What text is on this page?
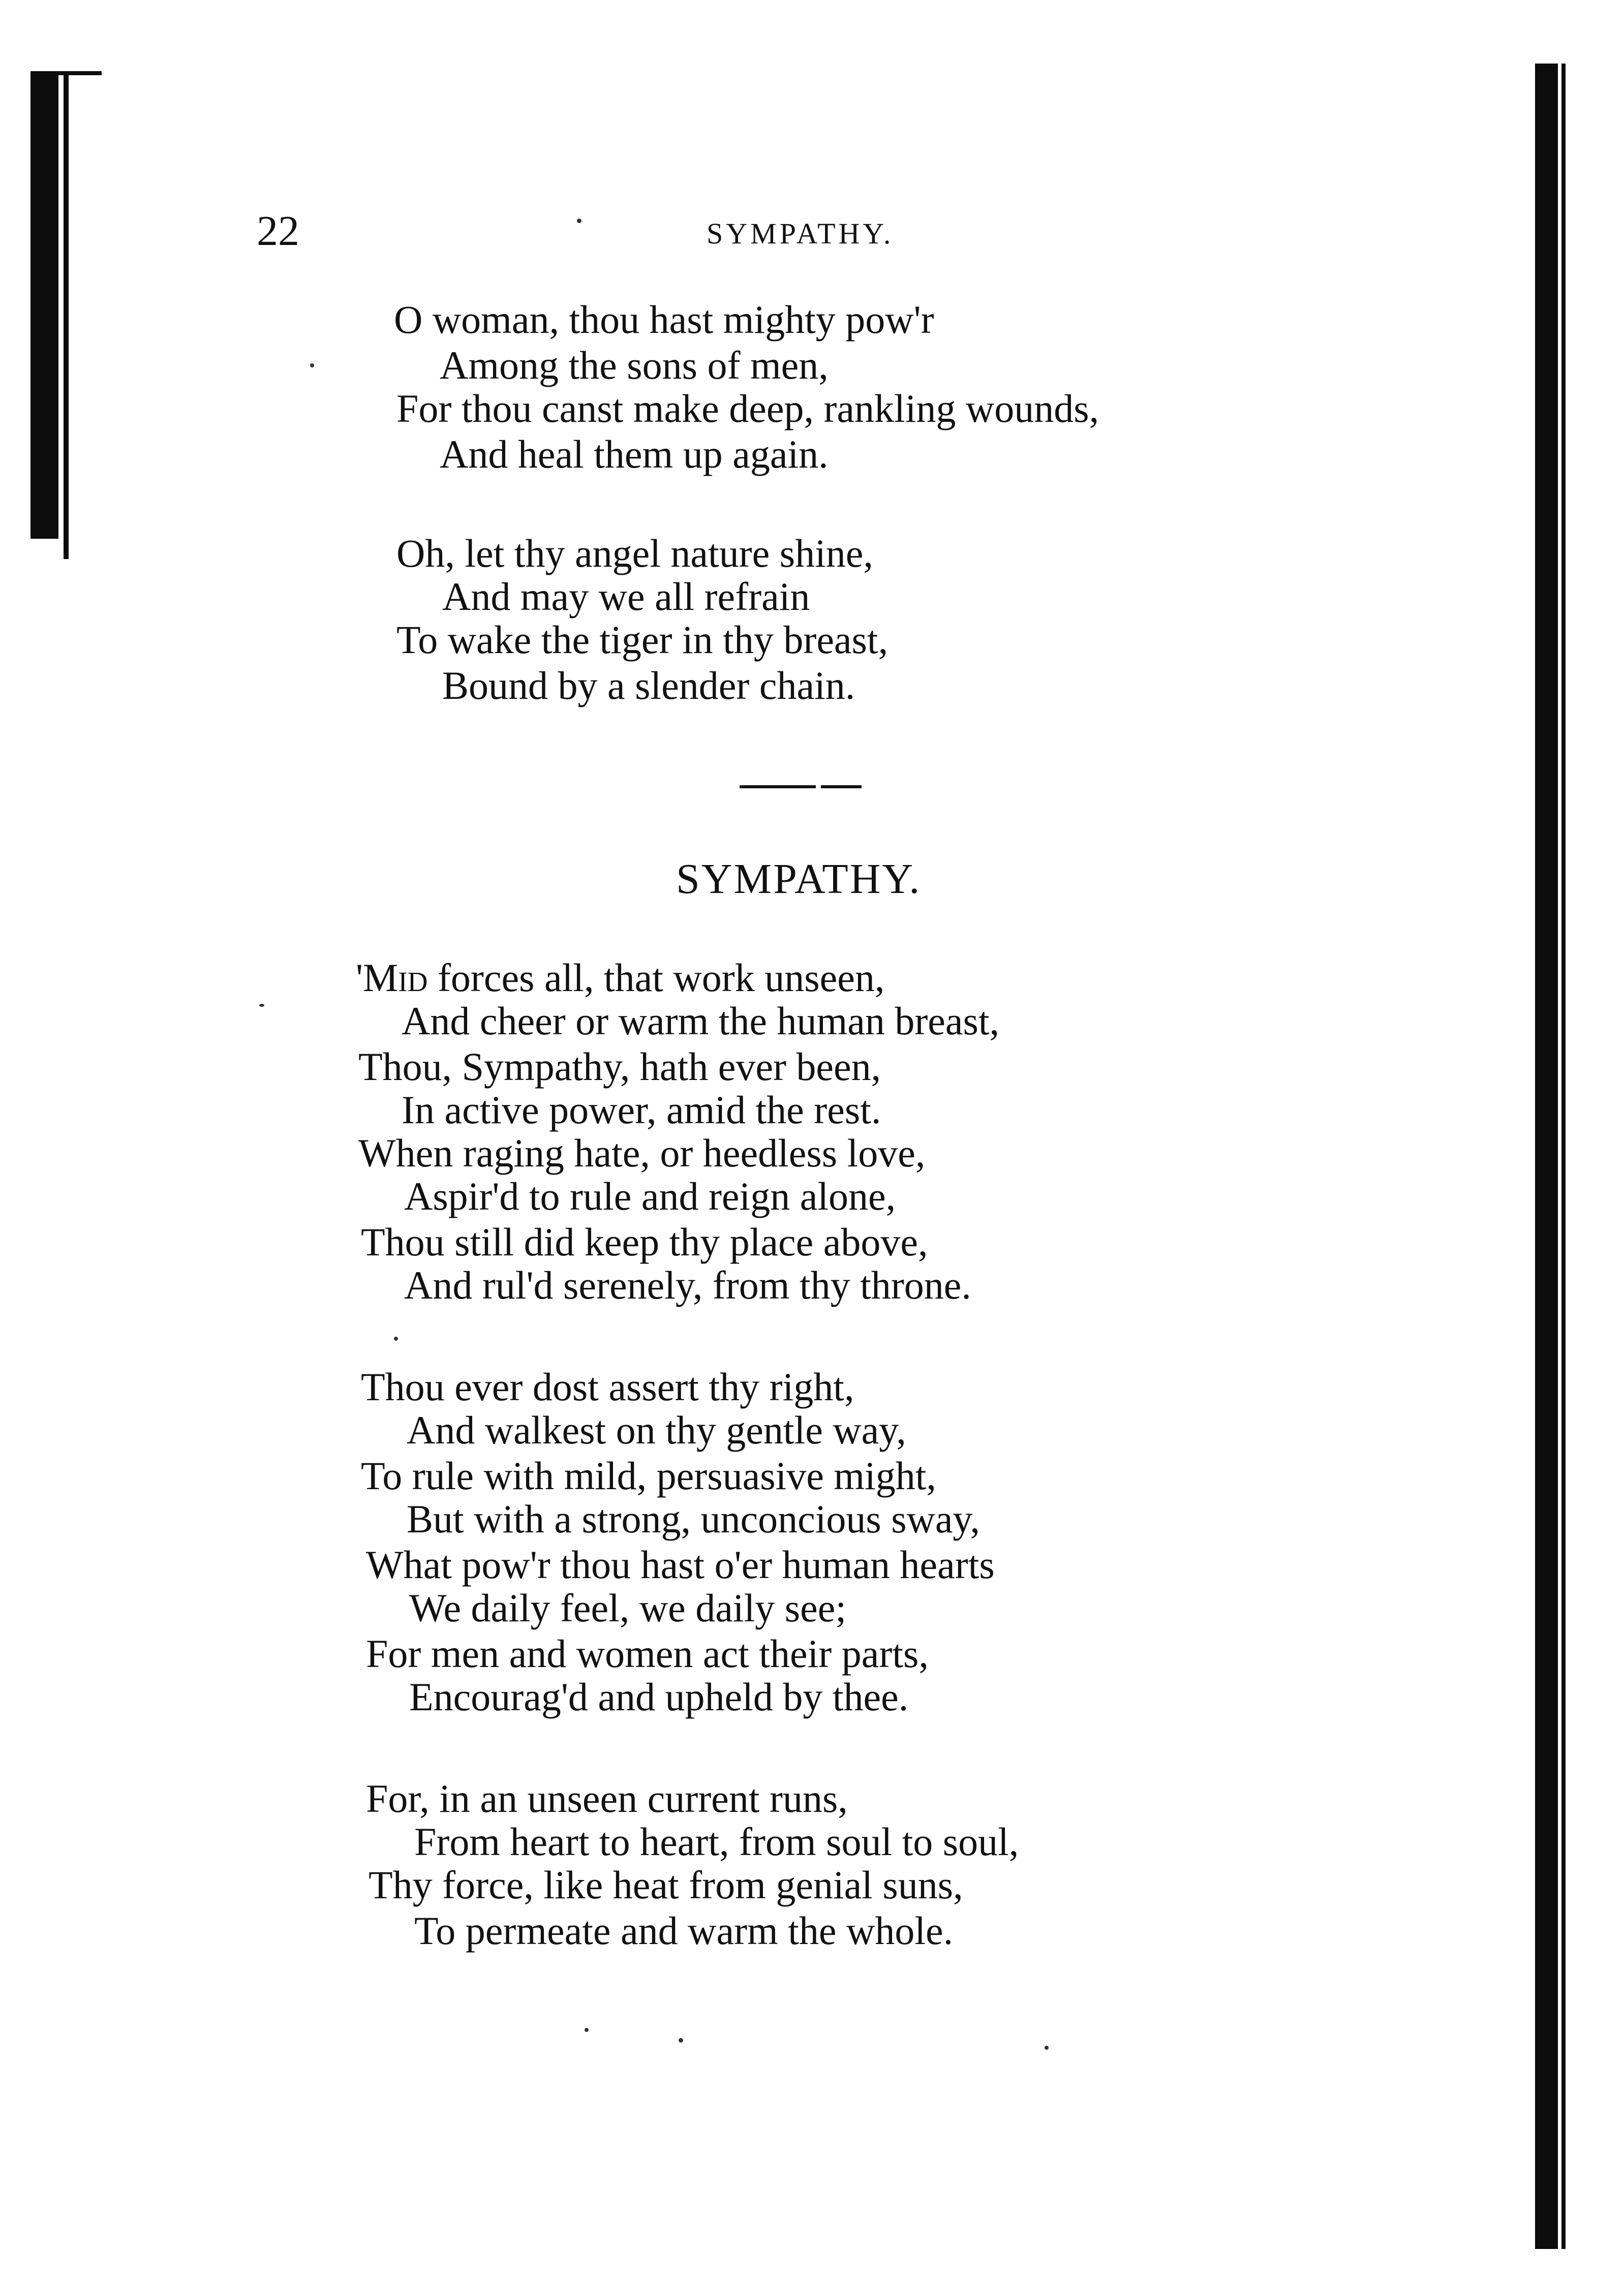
22	SYMPATHY.
O woman, thou hast mighty pow'r
Among the sons of men,
For thou canst make deep, rankling wounds,
And heal them up again.
Oh, let thy angel nature shine,
And may we all refrain
To wake the tiger in thy breast,
Bound by a slender chain.
SYMPATHY.
'Mid forces all, that work unseen,
And cheer or warm the human breast,
Thou, Sympathy, hath ever been,
In active power, amid the rest.
When raging hate, or heedless love,
Aspir'd to rule and reign alone,
Thou still did keep thy place above,
And rul'd serenely, from thy throne.
Thou ever dost assert thy right,
And walkest on thy gentle way,
To rule with mild, persuasive might,
But with a strong, unconcious sway,
What pow'r thou hast o'er human hearts
We daily feel, we daily see;
For men and women act their parts,
Encourag'd and upheld by thee.
For, in an unseen current runs,
From heart to heart, from soul to soul,
Thy force, like heat from genial suns,
To permeate and warm the whole.
